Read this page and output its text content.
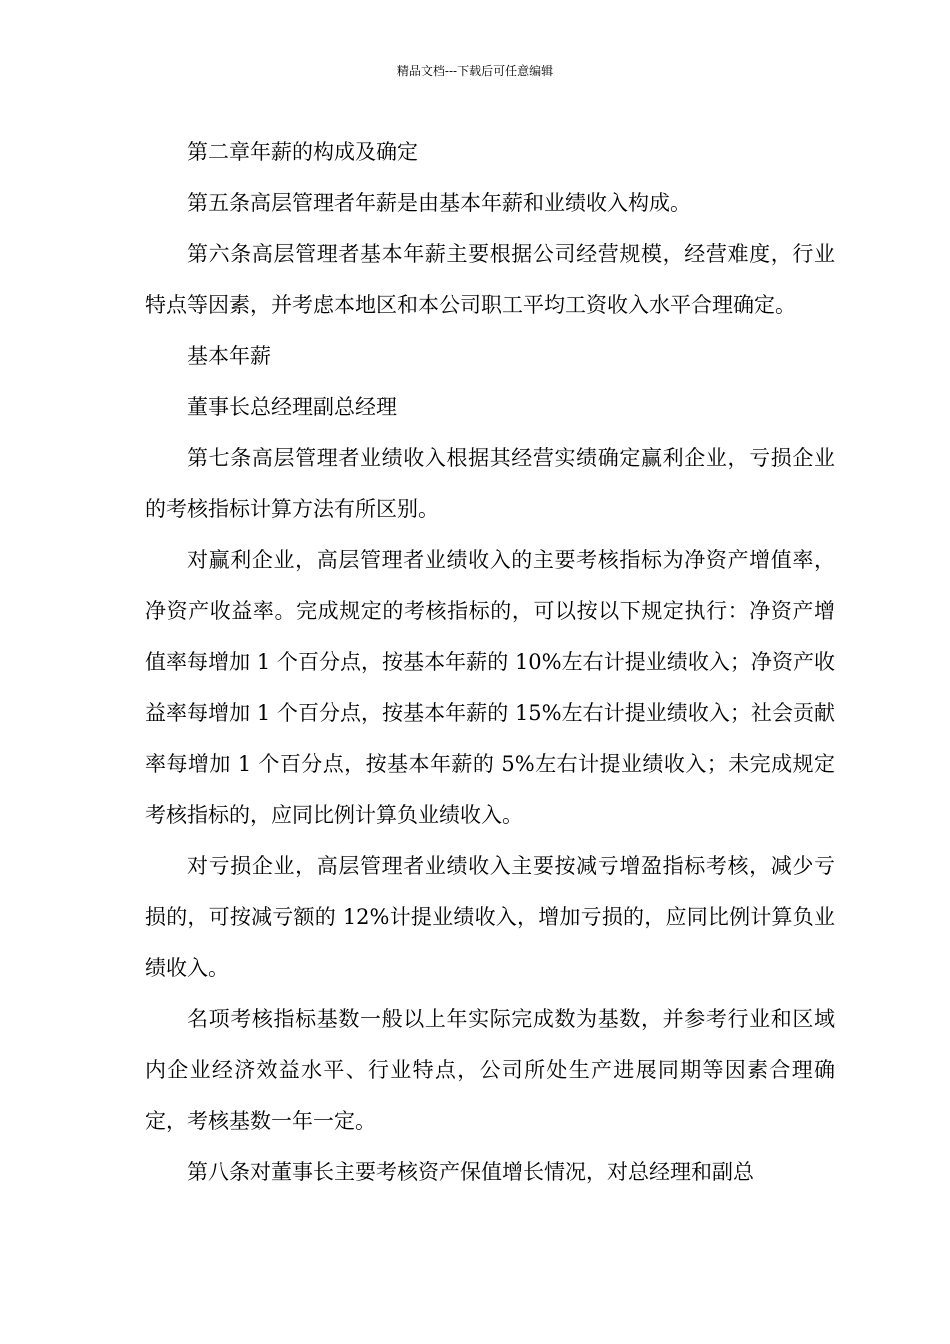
精品文档---下载后可任意编辑

第二章年薪的构成及确定

第五条高层管理者年薪是由基本年薪和业绩收入构成。

第六条高层管理者基本年薪主要根据公司经营规模，经营难度，行业特点等因素，并考虑本地区和本公司职工平均工资收入水平合理确定。

基本年薪

董事长总经理副总经理

第七条高层管理者业绩收入根据其经营实绩确定赢利企业，亏损企业的考核指标计算方法有所区别。

对赢利企业，高层管理者业绩收入的主要考核指标为净资产增值率，净资产收益率。完成规定的考核指标的，可以按以下规定执行：净资产增值率每增加 1 个百分点，按基本年薪的 10%左右计提业绩收入；净资产收益率每增加 1 个百分点，按基本年薪的 15%左右计提业绩收入；社会贡献率每增加 1 个百分点，按基本年薪的 5%左右计提业绩收入；未完成规定考核指标的，应同比例计算负业绩收入。

对亏损企业，高层管理者业绩收入主要按减亏增盈指标考核，减少亏损的，可按减亏额的 12%计提业绩收入，增加亏损的，应同比例计算负业绩收入。

名项考核指标基数一般以上年实际完成数为基数，并参考行业和区域内企业经济效益水平、行业特点，公司所处生产进展同期等因素合理确定，考核基数一年一定。

第八条对董事长主要考核资产保值增长情况，对总经理和副总
